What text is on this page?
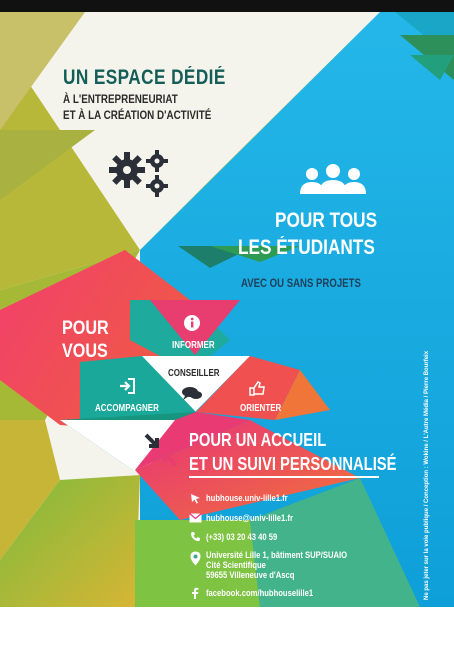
UN ESPACE DÉDIÉ
À L'ENTREPRENEURIAT
ET À LA CRÉATION D'ACTIVITÉ
POUR TOUS
LES ÉTUDIANTS
AVEC OU SANS PROJETS
POUR
VOUS	INFORMER
CONSEILLER
ACCOMPAGNER	ORIENTER
POUR UN ACCUEIL
ET UN SUIVI PERSONNALISÉ
hubhouse.univ-lille1.fr
hubhouse@univ-lille1.fr
(+33) 03 20 43 40 59
Université Lille 1, bâtiment SUP/SUAIO
Cité Scientifique
59655 Villeneuve d'Ascq
facebook.com/hubhouselille1	Ne pas jeter sur la voie publique / Conception : Wokine / L'Autre Média / Pierre Bourfeix
